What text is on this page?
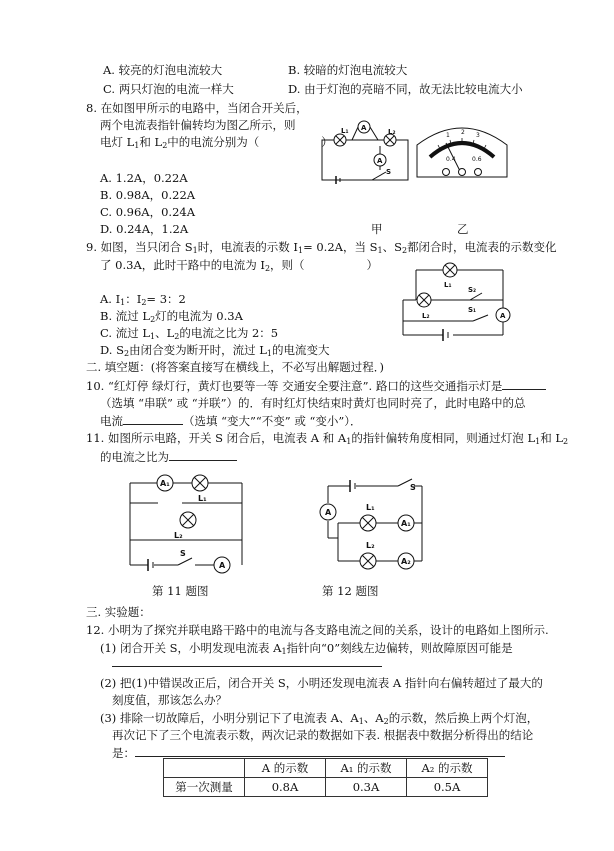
A. 较亮的灯泡电流较大	B. 较暗的灯泡电流较大
C. 两只灯泡的电流一样大	D. 由于灯泡的亮暗不同，故无法比较电流大小
8. 在如图甲所示的电路中，当闭合开关后，
两个电流表指针偏转均为图乙所示，则
电灯 L1和 L2中的电流分别为（	）
A. 1.2A，0.22A
B. 0.98A，0.22A
C. 0.96A，0.24A
D. 0.24A，1.2A
A
A
L₁	L₂
S
1 2 3
0.4	0.6
甲	乙
9. 如图，当只闭合 S1时，电流表的示数 I1= 0.2A，当 S1、S2都闭合时，电流表的示数变化
了 0.3A，此时干路中的电流为 I2，则（	）
A. I1：I2= 3：2
B. 流过 L2灯的电流为 0.3A
C. 流过 L1、L2的电流之比为 2：5
D. S2由闭合变为断开时，流过 L1的电流变大
A
L₁
L₂
S₂
S₁
二. 填空题：(将答案直接写在横线上，不必写出解题过程．)
10. “红灯停 绿灯行，黄灯也要等一等 交通安全要注意”. 路口的这些交通指示灯是
（选填 “串联” 或 “并联”）的．有时红灯快结束时黄灯也同时亮了，此时电路中的总
电流	（选填 “变大”“不变” 或 “变小”）．
11. 如图所示电路，开关 S 闭合后，电流表 A 和 A1的指针偏转角度相同，则通过灯泡 L1和 L2
的电流之比为
A₁
A
L₁
L₂
S
第 11 题图
A
A₁
A₂
L₁
L₂
S
第 12 题图
三. 实验题：
12. 小明为了探究并联电路干路中的电流与各支路电流之间的关系，设计的电路如上图所示.
(1) 闭合开关 S，小明发现电流表 A1指针向“0”刻线左边偏转，则故障原因可能是
(2) 把(1)中错误改正后，闭合开关 S，小明还发现电流表 A 指针向右偏转超过了最大的
刻度值，那该怎么办？
(3) 排除一切故障后，小明分别记下了电流表 A、A1、A2的示数，然后换上两个灯泡，
再次记下了三个电流表示数，两次记录的数据如下表. 根据表中数据分析得出的结论
是：
	A 的示数	A₁ 的示数	A₂ 的示数
第一次测量	0.8A	0.3A	0.5A
